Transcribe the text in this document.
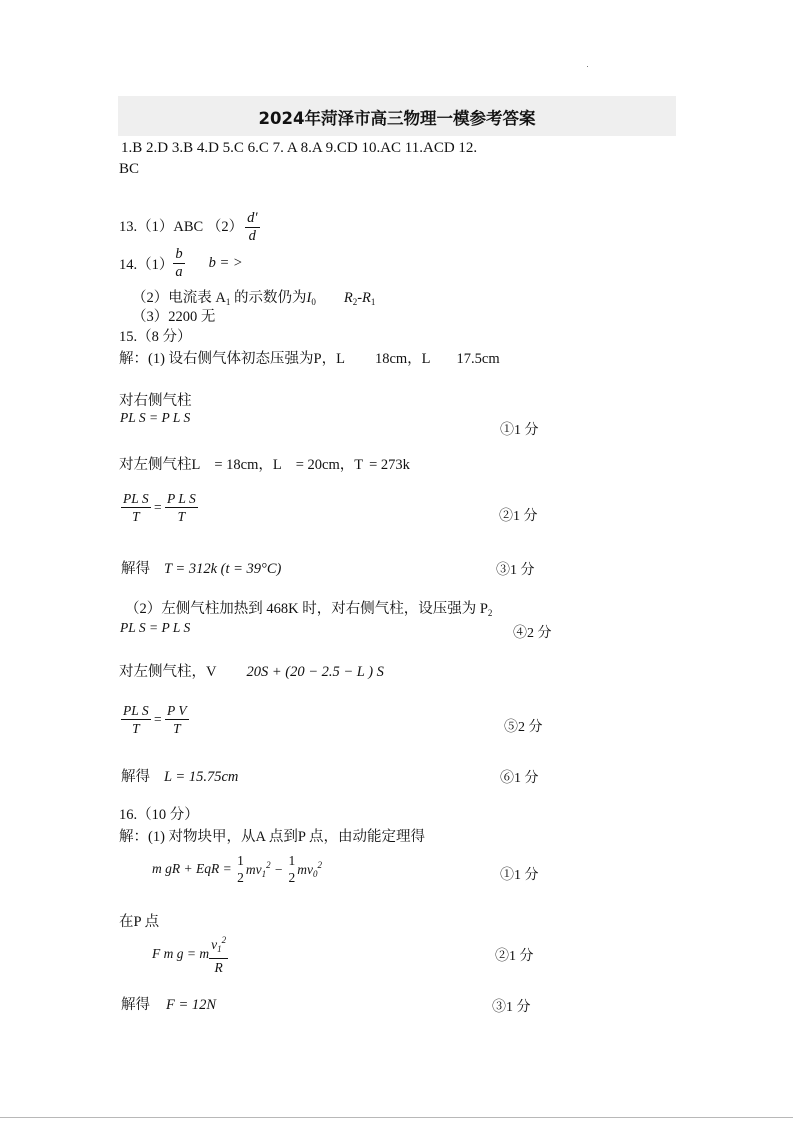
2024年菏泽市高三物理一模参考答案
1.B 2.D 3.B 4.D 5.C 6.C 7. A 8.A 9.CD 10.AC 11.ACD 12.
BC
13.（1）ABC $(2) \frac{d'}{d}$
$14.(1) \frac{b}{a}$ b = >
（2）电流表 $A_1$ 的示数仍为$I_0$ $R_2-R_1$
（3）2200 无
15.（8 分）
解：(1) 设右侧气体初态压强为P，L 18cm，L 17.5cm
对右侧气柱
PL S = P L S
①1 分
对左侧气柱L = 18cm，L = 20cm，T = 273k
$\frac{\text{PL S}}{T} = \frac{\text{P L S}}{T}$	②1 分
解得 T = 312k (t = 39°C)	③1 分
（2）左侧气柱加热到 468K 时，对右侧气柱，设压强为 $P_2$
PL S = P L S	④2 分
对左侧气柱，V 20S + (20 − 2.5 − L ) S
$\frac{\text{PL S}}{T} = \frac{\text{P V}}{T}$	⑤2 分
解得 L = 15.75cm	⑥1 分
16.（10 分）
解：(1) 对物块甲，从A 点到P 点，由动能定理得
m gR + EqR =
1
2
$mv_1^2$ −
1
2
$mv_0^2$
①1 分
在P 点
F m g = m $\frac{v_1^2}{R}$	②1 分
解得 F = 12N	③1 分
